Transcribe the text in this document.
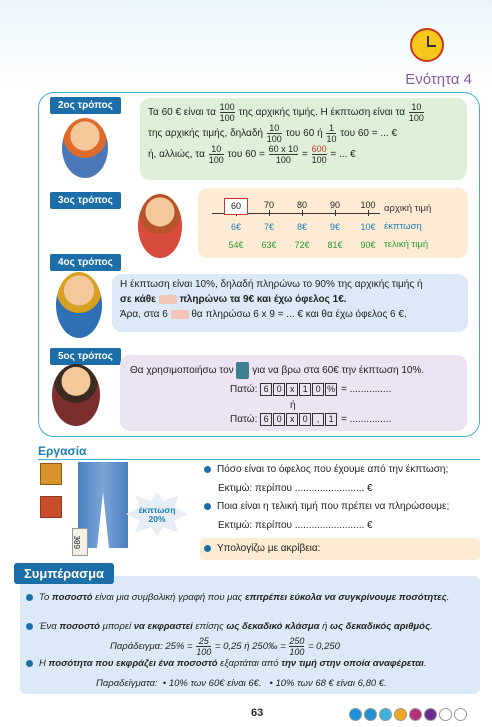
Ενότητα 4
2ος τρόπος
Τα 60 € είναι τα $\frac{100}{100}$ της αρχικής τιμής. Η έκπτωση είναι τα $\frac{10}{100}$
της αρχικής τιμής, δηλαδή $\frac{10}{100}$ του 60 ή $\frac{1}{10}$ του 60 = ... €
ή, αλλιώς, τα $\frac{10}{100}$ του $60 = \frac{60 x 10}{100} = \frac{600}{100}$ = ... €
3ος τρόπος	60
6€
54€
70
7€
63€
80
8€
72€
90
9€
81€
100
10€
90€
αρχική τιμή
έκπτωση
τελική τιμή
4ος τρόπος
Η έκπτωση είναι 10%, δηλαδή πληρώνω το 90% της αρχικής τιμής ή
σε κάθε πληρώνω τα 9€ και έχω όφελος 1€.
Άρα, στα 6 θα πληρώσω 6 x 9 = ... € και θα έχω όφελος 6 €.
5ος τρόπος
Θα χρησιμοποιήσω τον για να βρω στα 60€ την έκπτωση 10%.
Πατώ: 6 0 x 1 0 % = ...............
ή
Πατώ: 6 0 x 0 , 1 = ...............
Εργασία
68€
έκπτωση 20%
Πόσο είναι το όφελος που έχουμε από την έκπτωση;
Εκτιμώ: περίπου ......................... €
Ποια είναι η τελική τιμή που πρέπει να πληρώσουμε;
Εκτιμώ: περίπου ......................... €
Υπολογίζω με ακρίβεια:
Συμπέρασμα
Το ποσοστό είναι μια συμβολική γραφή που μας επιτρέπει εύκολα να συγκρίνουμε ποσότητες.
Ένα ποσοστό μπορεί να εκφραστεί επίσης ως δεκαδικό κλάσμα ή ως δεκαδικός αριθμός.
Παράδειγμα: $25\% = \frac{25}{100} = 0,25$ ή 250‰ = $\frac{250}{100} = 0,250$
Η ποσότητα που εκφράζει ένα ποσοστό εξαρτάται από την τιμή στην οποία αναφέρεται.
Παραδείγματα: • 10% των 60€ είναι 6€. • 10% των 68 € είναι 6,80 €.
63
